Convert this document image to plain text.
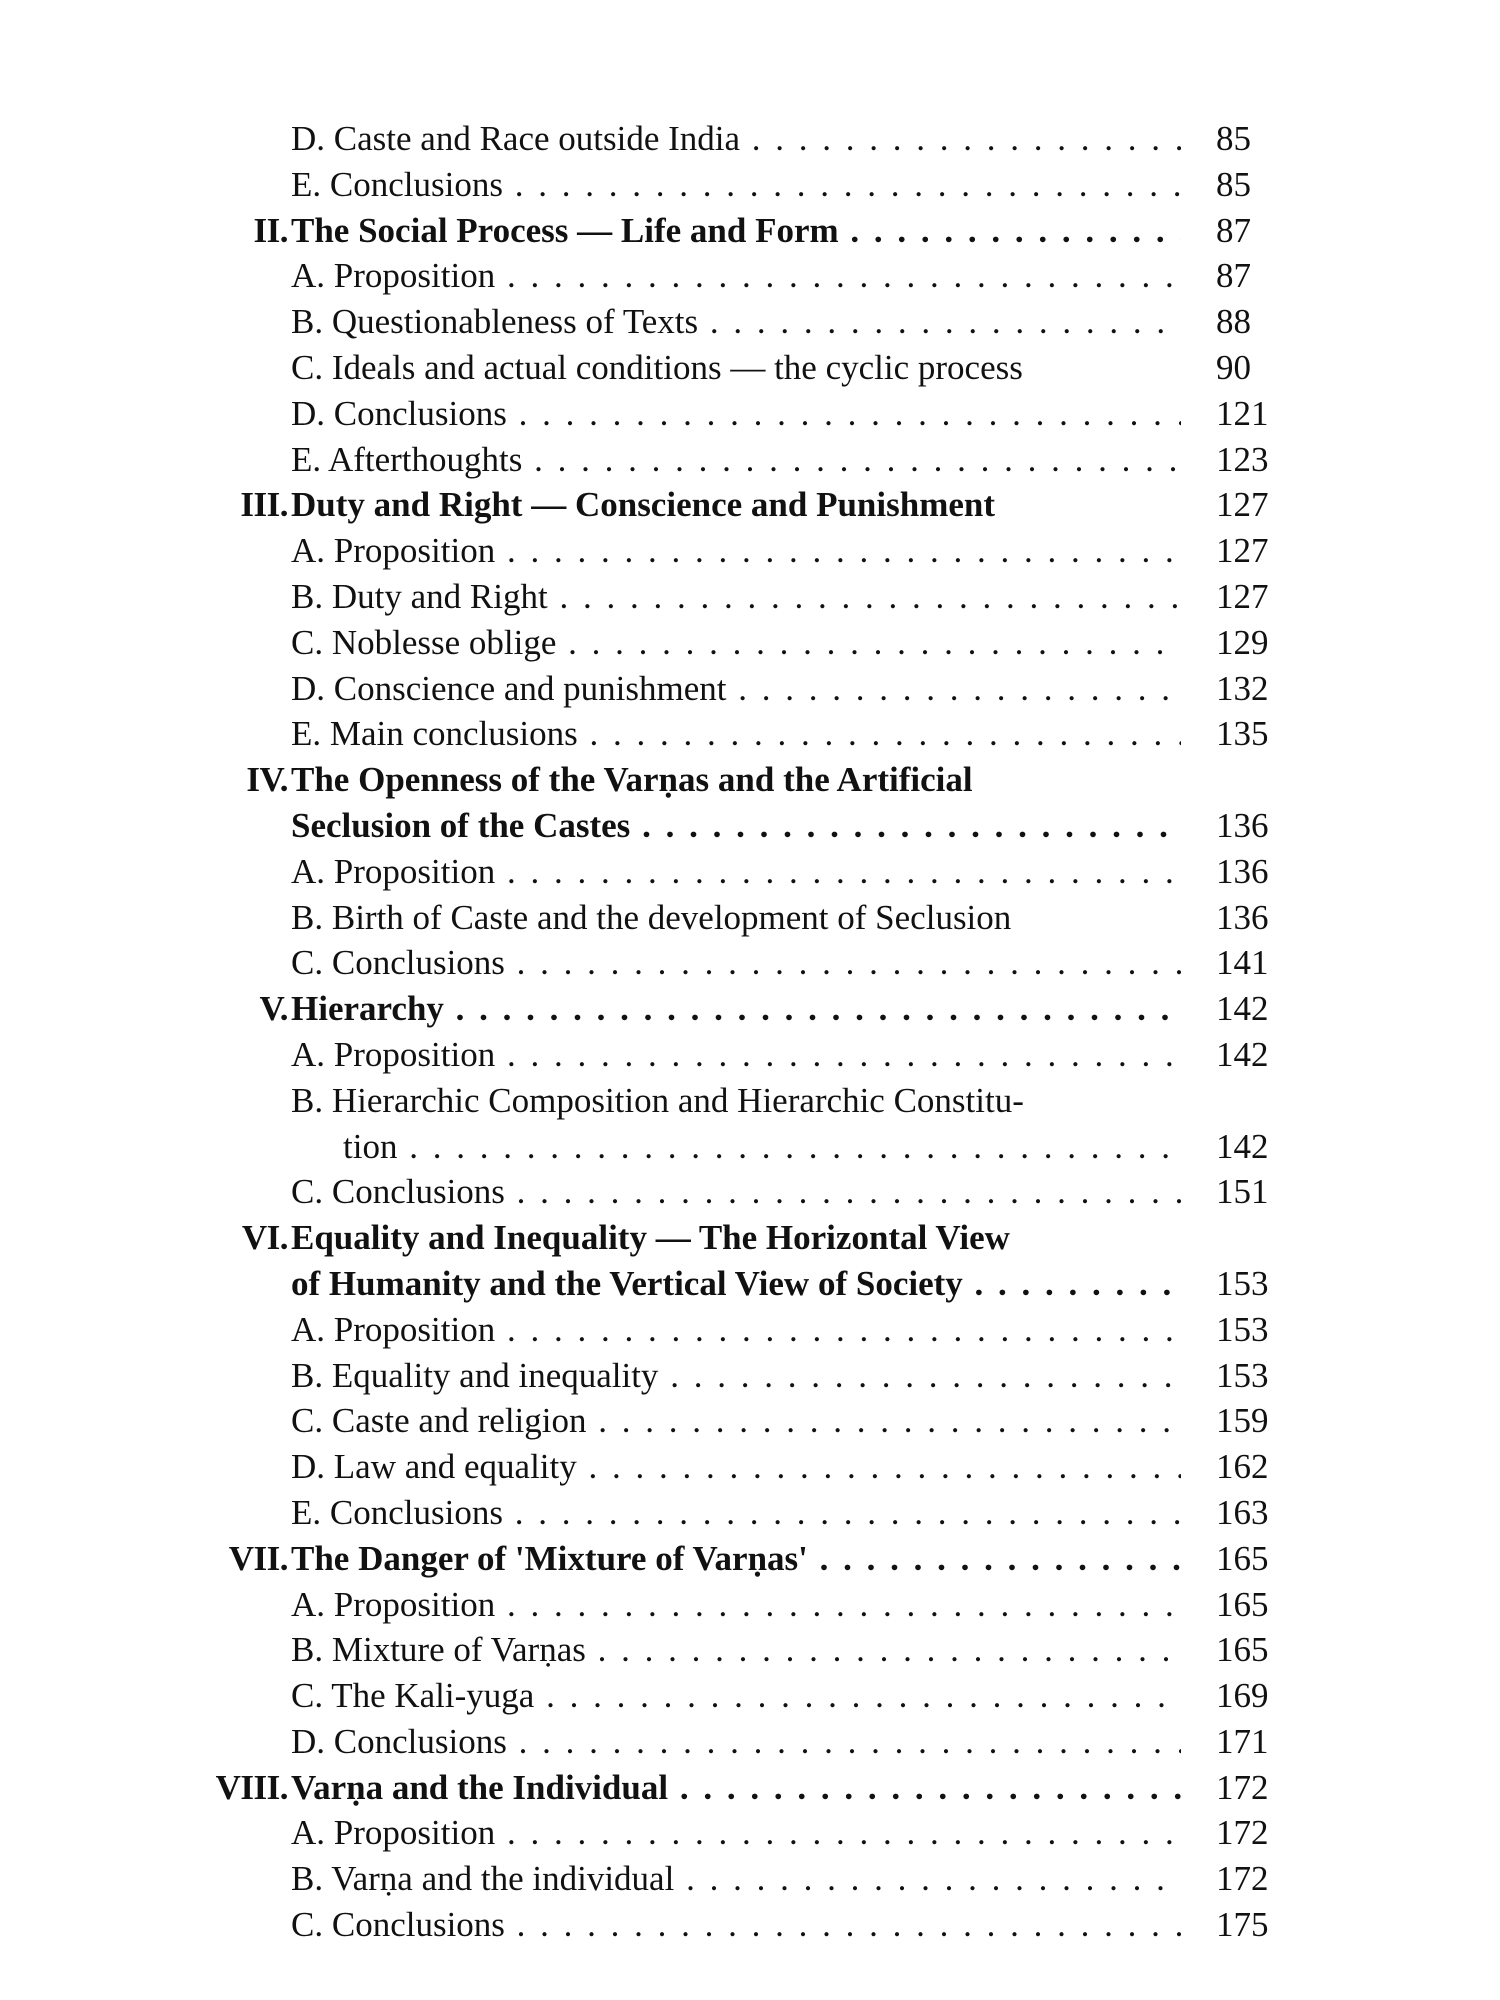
D. Caste and Race outside India . . .	85
E. Conclusions . . .	85
II. The Social Process — Life and Form . . .	87
A. Proposition . . .	87
B. Questionableness of Texts . . .	88
C. Ideals and actual conditions — the cyclic process	90
D. Conclusions . . .	121
E. Afterthoughts . . .	123
III. Duty and Right — Conscience and Punishment	127
A. Proposition . . .	127
B. Duty and Right . . .	127
C. Noblesse oblige . . .	129
D. Conscience and punishment . . .	132
E. Main conclusions . . .	135
IV. The Openness of the Varṇas and the Artificial
Seclusion of the Castes . . .	136
A. Proposition . . .	136
B. Birth of Caste and the development of Seclusion	136
C. Conclusions . . .	141
V. Hierarchy . . .	142
A. Proposition . . .	142
B. Hierarchic Composition and Hierarchic Constitu-
tion . . .	142
C. Conclusions . . .	151
VI. Equality and Inequality — The Horizontal View
of Humanity and the Vertical View of Society . . .	153
A. Proposition . . .	153
B. Equality and inequality . . .	153
C. Caste and religion . . .	159
D. Law and equality . . .	162
E. Conclusions . . .	163
VII. The Danger of 'Mixture of Varṇas' . . .	165
A. Proposition . . .	165
B. Mixture of Varṇas . . .	165
C. The Kali-yuga . . .	169
D. Conclusions . . .	171
VIII. Varṇa and the Individual . . .	172
A. Proposition . . .	172
B. Varṇa and the individual . . .	172
C. Conclusions . . .	175
